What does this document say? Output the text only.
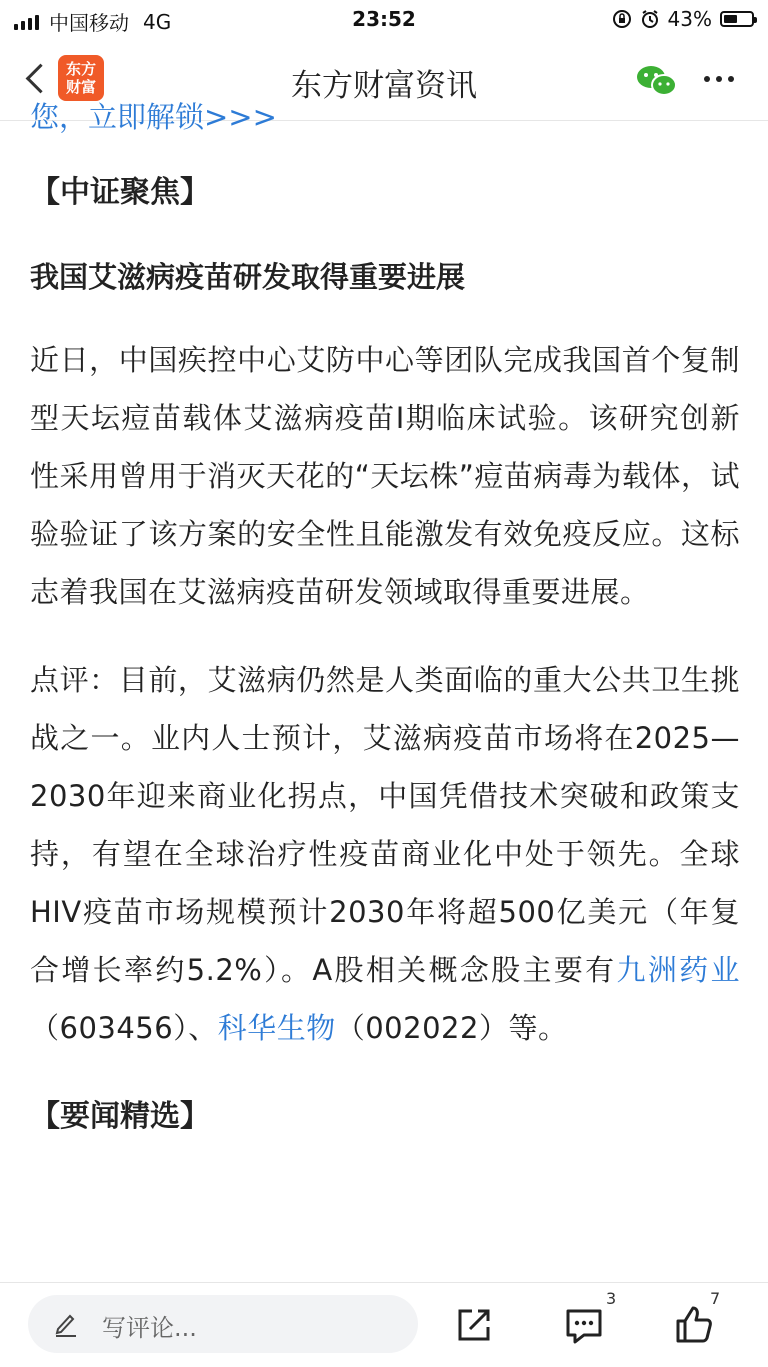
中国移动 4G	23:52	43%
东方
财富	东方财富资讯
您，立即解锁>>>
【中证聚焦】
我国艾滋病疫苗研发取得重要进展
近日，中国疾控中心艾防中心等团队完成我国首个复制型天坛痘苗载体艾滋病疫苗I期临床试验。该研究创新性采用曾用于消灭天花的“天坛株”痘苗病毒为载体，试验验证了该方案的安全性且能激发有效免疫反应。这标志着我国在艾滋病疫苗研发领域取得重要进展。
点评：目前，艾滋病仍然是人类面临的重大公共卫生挑战之一。业内人士预计，艾滋病疫苗市场将在2025—2030年迎来商业化拐点，中国凭借技术突破和政策支持，有望在全球治疗性疫苗商业化中处于领先。全球HIV疫苗市场规模预计2030年将超500亿美元（年复合增长率约5.2%）。A股相关概念股主要有九洲药业（603456）、科华生物（002022）等。
【要闻精选】
写评论...
3	7
